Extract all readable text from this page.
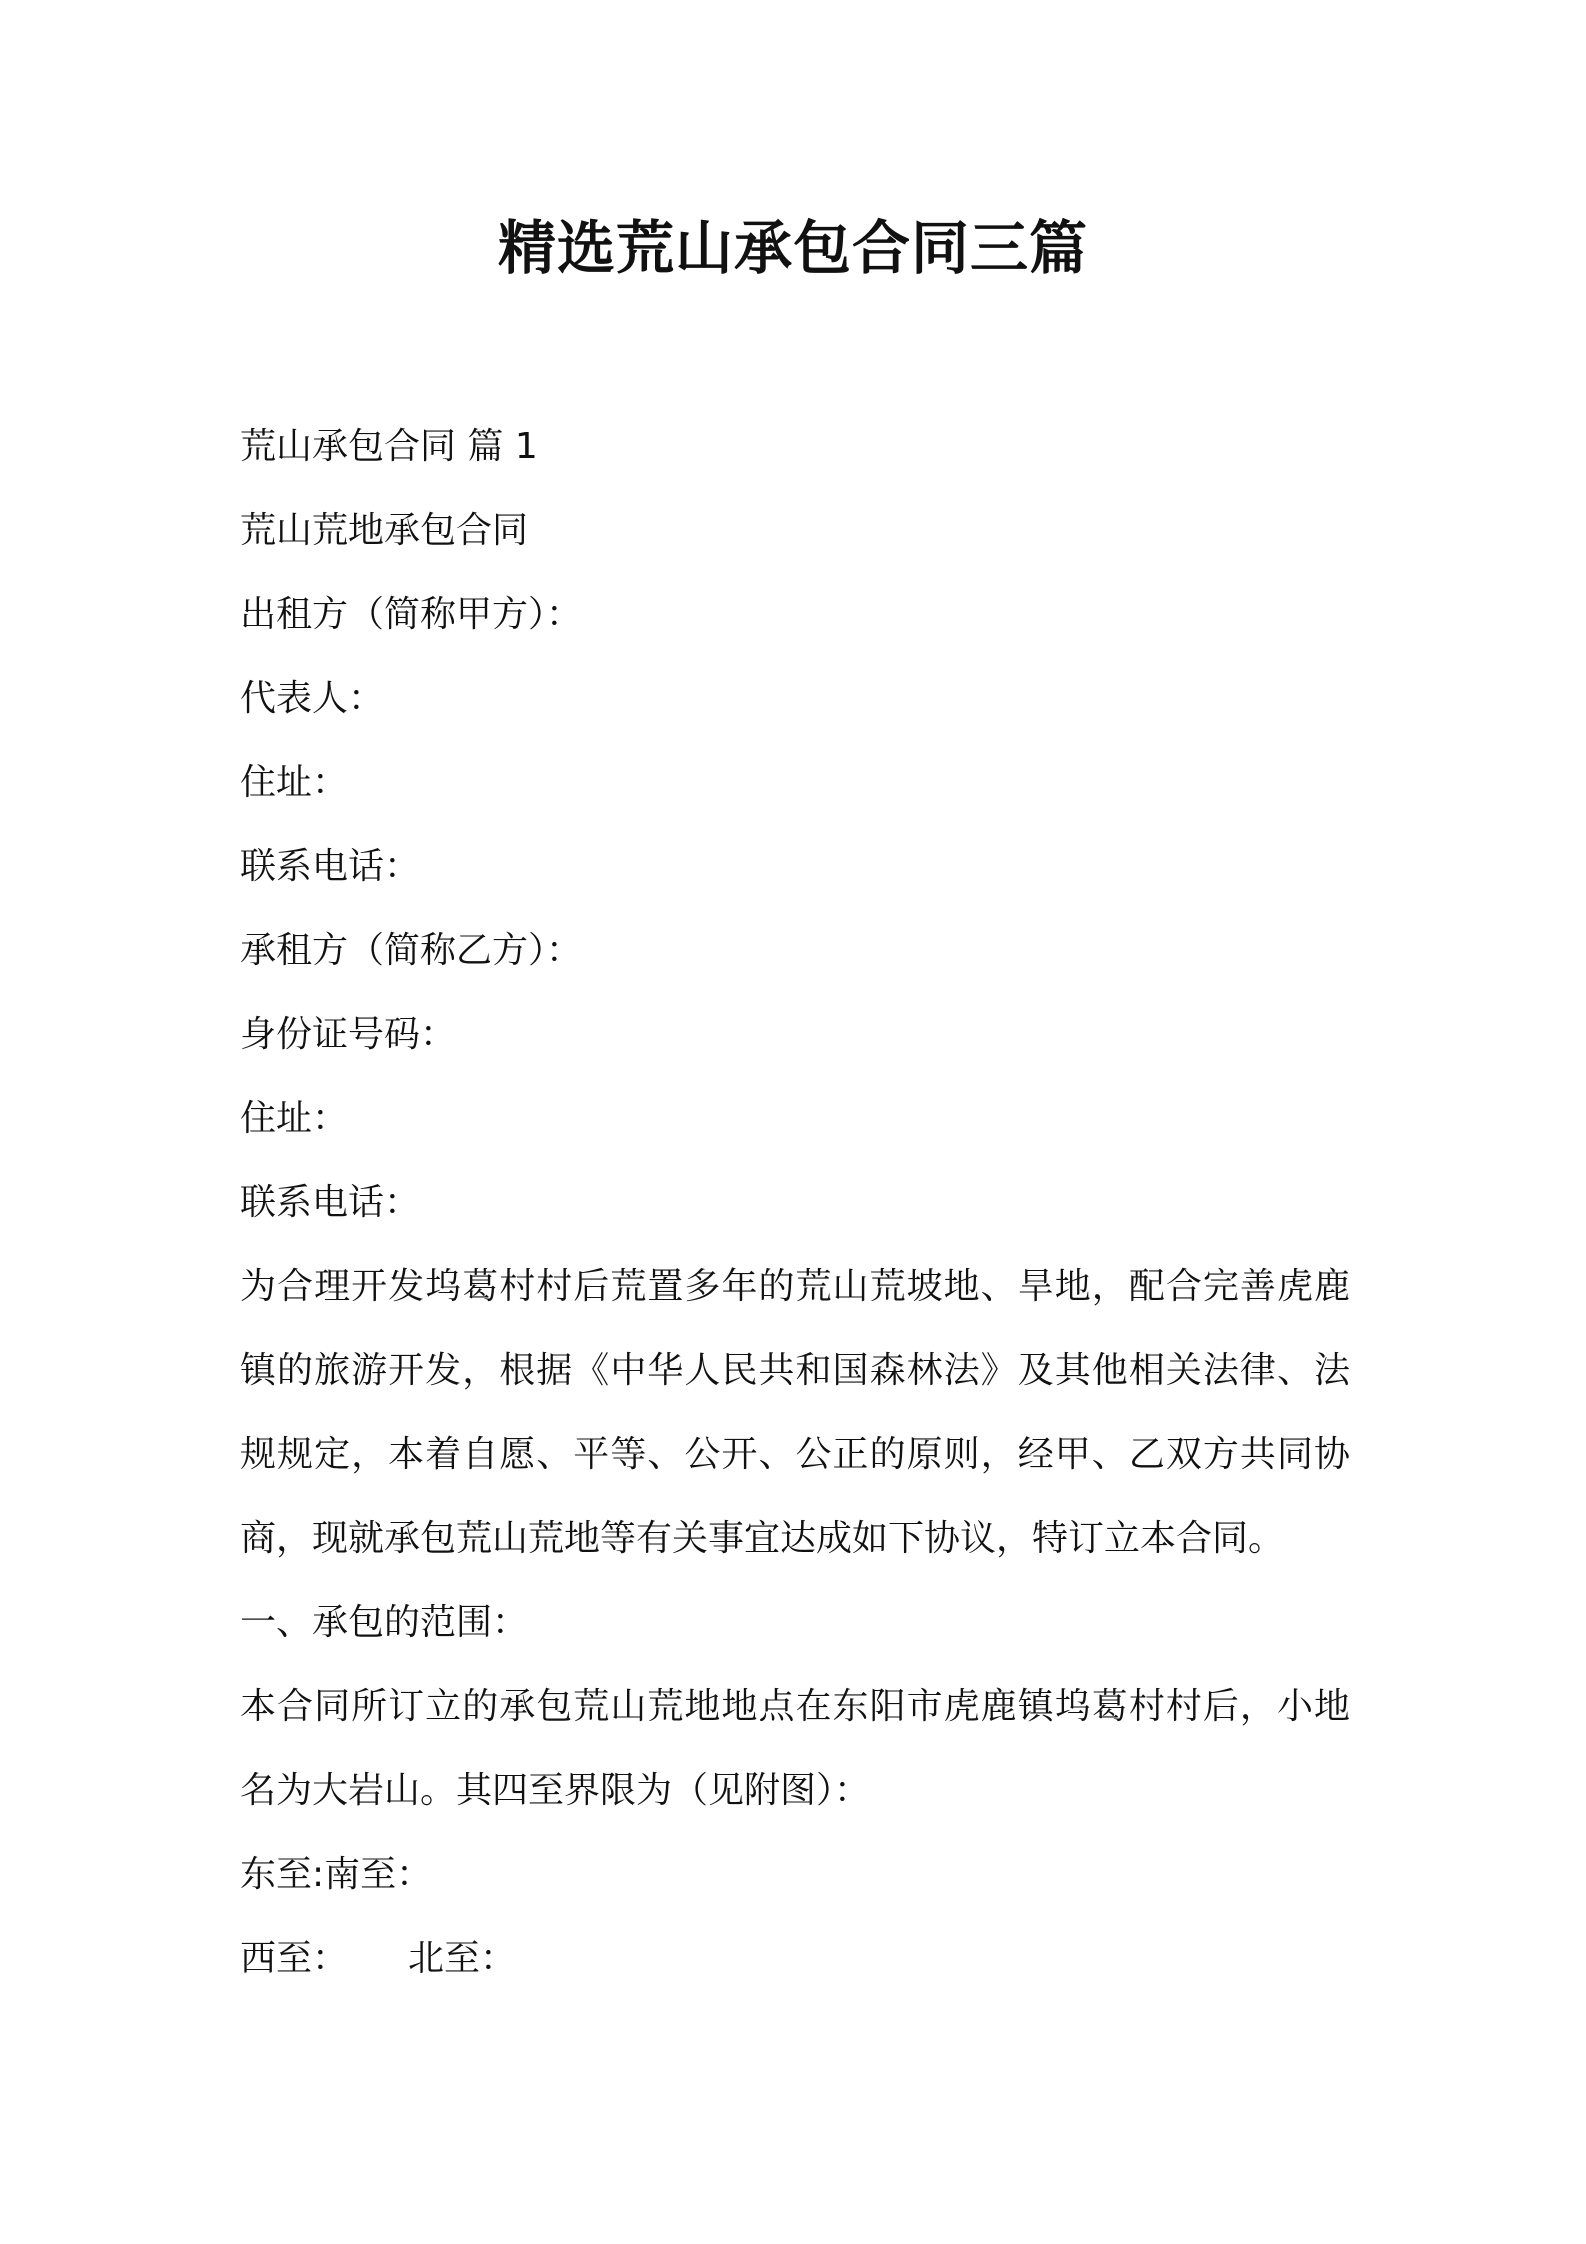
精选荒山承包合同三篇

荒山承包合同 篇 1

荒山荒地承包合同

出租方（简称甲方）：

代表人：

住址：

联系电话：

承租方（简称乙方）：

身份证号码：

住址：

联系电话：

为合理开发坞葛村村后荒置多年的荒山荒坡地、旱地，配合完善虎鹿镇的旅游开发，根据《中华人民共和国森林法》及其他相关法律、法规规定，本着自愿、平等、公开、公正的原则，经甲、乙双方共同协商，现就承包荒山荒地等有关事宜达成如下协议，特订立本合同。

一、承包的范围：

本合同所订立的承包荒山荒地地点在东阳市虎鹿镇坞葛村村后，小地名为大岩山。其四至界限为（见附图）：

东至:南至：

西至： 北至：
